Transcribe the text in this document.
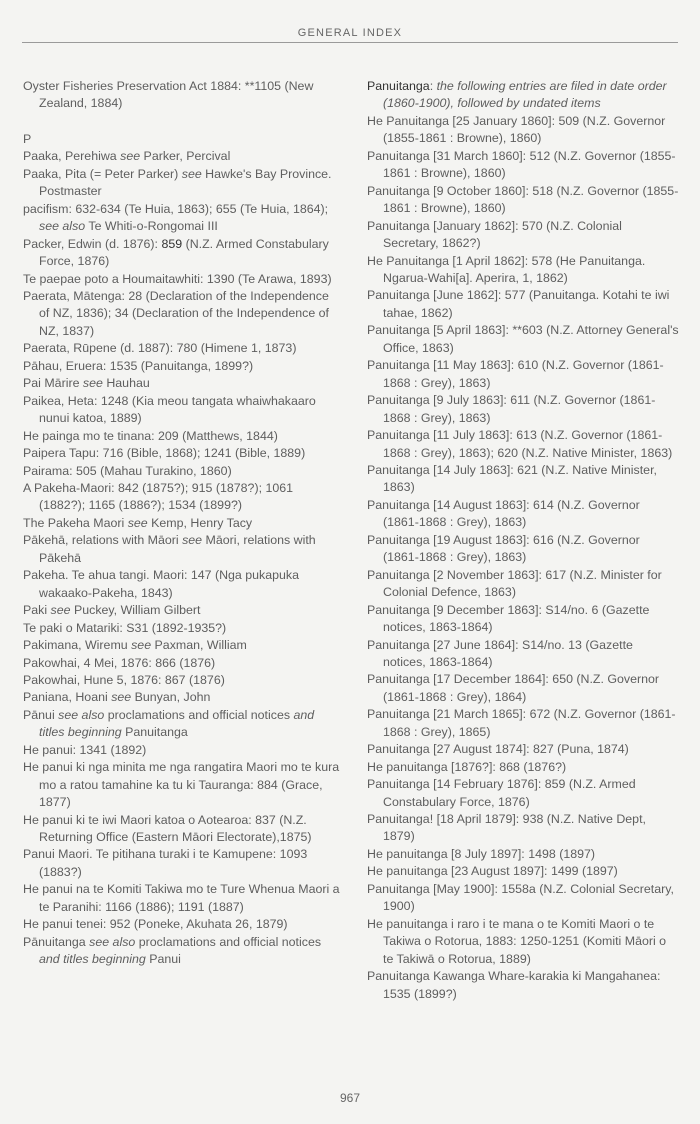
GENERAL INDEX

Oyster Fisheries Preservation Act 1884: **1105 (New Zealand, 1884)

P

Paaka, Perehiwa see Parker, Percival

Paaka, Pita (= Peter Parker) see Hawke's Bay Province. Postmaster

pacifism: 632-634 (Te Huia, 1863); 655 (Te Huia, 1864); see also Te Whiti-o-Rongomai III

Packer, Edwin (d. 1876): 859 (N.Z. Armed Constabulary Force, 1876)

Te paepae poto a Houmaitawhiti: 1390 (Te Arawa, 1893)

Paerata, Mātenga: 28 (Declaration of the Independence of NZ, 1836); 34 (Declaration of the Independence of NZ, 1837)

Paerata, Rūpene (d. 1887): 780 (Himene 1, 1873)

Pāhau, Eruera: 1535 (Panuitanga, 1899?)

Pai Mārire see Hauhau

Paikea, Heta: 1248 (Kia meou tangata whaiwhakaaro nunui katoa, 1889)

He painga mo te tinana: 209 (Matthews, 1844)

Paipera Tapu: 716 (Bible, 1868); 1241 (Bible, 1889)

Pairama: 505 (Mahau Turakino, 1860)

A Pakeha-Maori: 842 (1875?); 915 (1878?); 1061 (1882?); 1165 (1886?); 1534 (1899?)

The Pakeha Maori see Kemp, Henry Tacy

Pākehā, relations with Māori see Māori, relations with Pākehā

Pakeha. Te ahua tangi. Maori: 147 (Nga pukapuka wakaako-Pakeha, 1843)

Paki see Puckey, William Gilbert

Te paki o Matariki: S31 (1892-1935?)

Pakimana, Wiremu see Paxman, William

Pakowhai, 4 Mei, 1876: 866 (1876)

Pakowhai, Hune 5, 1876: 867 (1876)

Paniana, Hoani see Bunyan, John

Pānui see also proclamations and official notices and titles beginning Panuitanga

He panui: 1341 (1892)

He panui ki nga minita me nga rangatira Maori mo te kura mo a ratou tamahine ka tu ki Tauranga: 884 (Grace, 1877)

He panui ki te iwi Maori katoa o Aotearoa: 837 (N.Z. Returning Office (Eastern Māori Electorate),1875)

Panui Maori. Te pitihana turaki i te Kamupene: 1093 (1883?)

He panui na te Komiti Takiwa mo te Ture Whenua Maori a te Paranihi: 1166 (1886); 1191 (1887)

He panui tenei: 952 (Poneke, Akuhata 26, 1879)

Pānuitanga see also proclamations and official notices and titles beginning Panui

Panuitanga: the following entries are filed in date order (1860-1900), followed by undated items

He Panuitanga [25 January 1860]: 509 (N.Z. Governor (1855-1861 : Browne), 1860)

Panuitanga [31 March 1860]: 512 (N.Z. Governor (1855-1861 : Browne), 1860)

Panuitanga [9 October 1860]: 518 (N.Z. Governor (1855-1861 : Browne), 1860)

Panuitanga [January 1862]: 570 (N.Z. Colonial Secretary, 1862?)

He Panuitanga [1 April 1862]: 578 (He Panuitanga. Ngarua-Wahi[a]. Aperira, 1, 1862)

Panuitanga [June 1862]: 577 (Panuitanga. Kotahi te iwi tahae, 1862)

Panuitanga [5 April 1863]: **603 (N.Z. Attorney General's Office, 1863)

Panuitanga [11 May 1863]: 610 (N.Z. Governor (1861-1868 : Grey), 1863)

Panuitanga [9 July 1863]: 611 (N.Z. Governor (1861-1868 : Grey), 1863)

Panuitanga [11 July 1863]: 613 (N.Z. Governor (1861-1868 : Grey), 1863); 620 (N.Z. Native Minister, 1863)

Panuitanga [14 July 1863]: 621 (N.Z. Native Minister, 1863)

Panuitanga [14 August 1863]: 614 (N.Z. Governor (1861-1868 : Grey), 1863)

Panuitanga [19 August 1863]: 616 (N.Z. Governor (1861-1868 : Grey), 1863)

Panuitanga [2 November 1863]: 617 (N.Z. Minister for Colonial Defence, 1863)

Panuitanga [9 December 1863]: S14/no. 6 (Gazette notices, 1863-1864)

Panuitanga [27 June 1864]: S14/no. 13 (Gazette notices, 1863-1864)

Panuitanga [17 December 1864]: 650 (N.Z. Governor (1861-1868 : Grey), 1864)

Panuitanga [21 March 1865]: 672 (N.Z. Governor (1861-1868 : Grey), 1865)

Panuitanga [27 August 1874]: 827 (Puna, 1874)

He panuitanga [1876?]: 868 (1876?)

Panuitanga [14 February 1876]: 859 (N.Z. Armed Constabulary Force, 1876)

Panuitanga! [18 April 1879]: 938 (N.Z. Native Dept, 1879)

He panuitanga [8 July 1897]: 1498 (1897)

He panuitanga [23 August 1897]: 1499 (1897)

Panuitanga [May 1900]: 1558a (N.Z. Colonial Secretary, 1900)

He panuitanga i raro i te mana o te Komiti Maori o te Takiwa o Rotorua, 1883: 1250-1251 (Komiti Māori o te Takiwā o Rotorua, 1889)

Panuitanga Kawanga Whare-karakia ki Mangahanea: 1535 (1899?)

967
